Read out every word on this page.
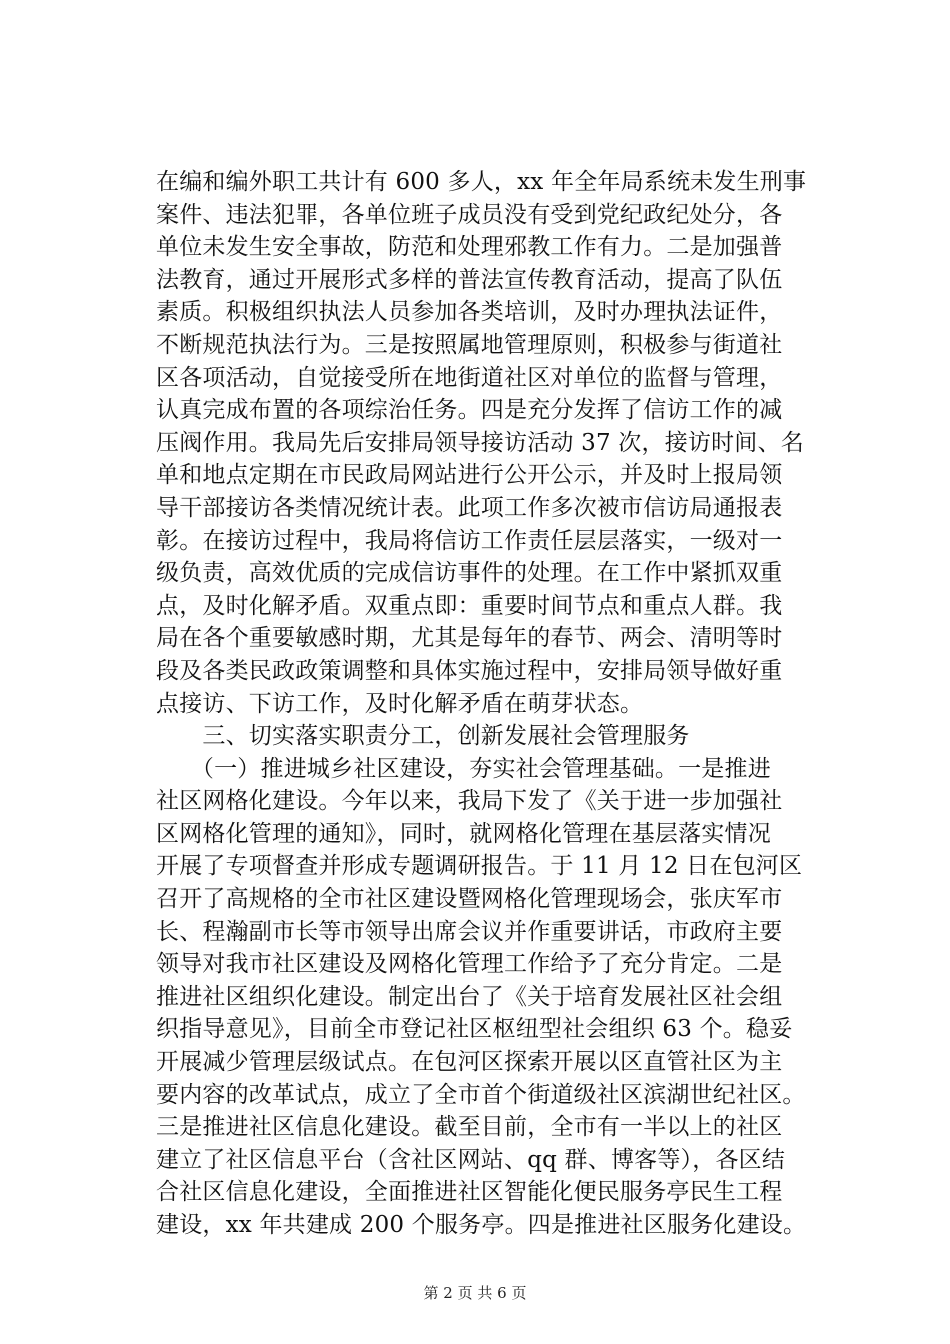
在编和编外职工共计有 600 多人，xx 年全年局系统未发生刑事
案件、违法犯罪，各单位班子成员没有受到党纪政纪处分，各
单位未发生安全事故，防范和处理邪教工作有力。二是加强普
法教育，通过开展形式多样的普法宣传教育活动，提高了队伍
素质。积极组织执法人员参加各类培训，及时办理执法证件，
不断规范执法行为。三是按照属地管理原则，积极参与街道社
区各项活动，自觉接受所在地街道社区对单位的监督与管理，
认真完成布置的各项综治任务。四是充分发挥了信访工作的减
压阀作用。我局先后安排局领导接访活动 37 次，接访时间、名
单和地点定期在市民政局网站进行公开公示，并及时上报局领
导干部接访各类情况统计表。此项工作多次被市信访局通报表
彰。在接访过程中，我局将信访工作责任层层落实，一级对一
级负责，高效优质的完成信访事件的处理。在工作中紧抓双重
点，及时化解矛盾。双重点即：重要时间节点和重点人群。我
局在各个重要敏感时期，尤其是每年的春节、两会、清明等时
段及各类民政政策调整和具体实施过程中，安排局领导做好重
点接访、下访工作，及时化解矛盾在萌芽状态。
　　三、切实落实职责分工，创新发展社会管理服务
　　（一）推进城乡社区建设，夯实社会管理基础。一是推进
社区网格化建设。今年以来，我局下发了《关于进一步加强社
区网格化管理的通知》，同时，就网格化管理在基层落实情况
开展了专项督查并形成专题调研报告。于 11 月 12 日在包河区
召开了高规格的全市社区建设暨网格化管理现场会，张庆军市
长、程瀚副市长等市领导出席会议并作重要讲话，市政府主要
领导对我市社区建设及网格化管理工作给予了充分肯定。二是
推进社区组织化建设。制定出台了《关于培育发展社区社会组
织指导意见》，目前全市登记社区枢纽型社会组织 63 个。稳妥
开展减少管理层级试点。在包河区探索开展以区直管社区为主
要内容的改革试点，成立了全市首个街道级社区滨湖世纪社区。
三是推进社区信息化建设。截至目前，全市有一半以上的社区
建立了社区信息平台（含社区网站、qq 群、博客等），各区结
合社区信息化建设，全面推进社区智能化便民服务亭民生工程
建设，xx 年共建成 200 个服务亭。四是推进社区服务化建设。
第 2 页 共 6 页
